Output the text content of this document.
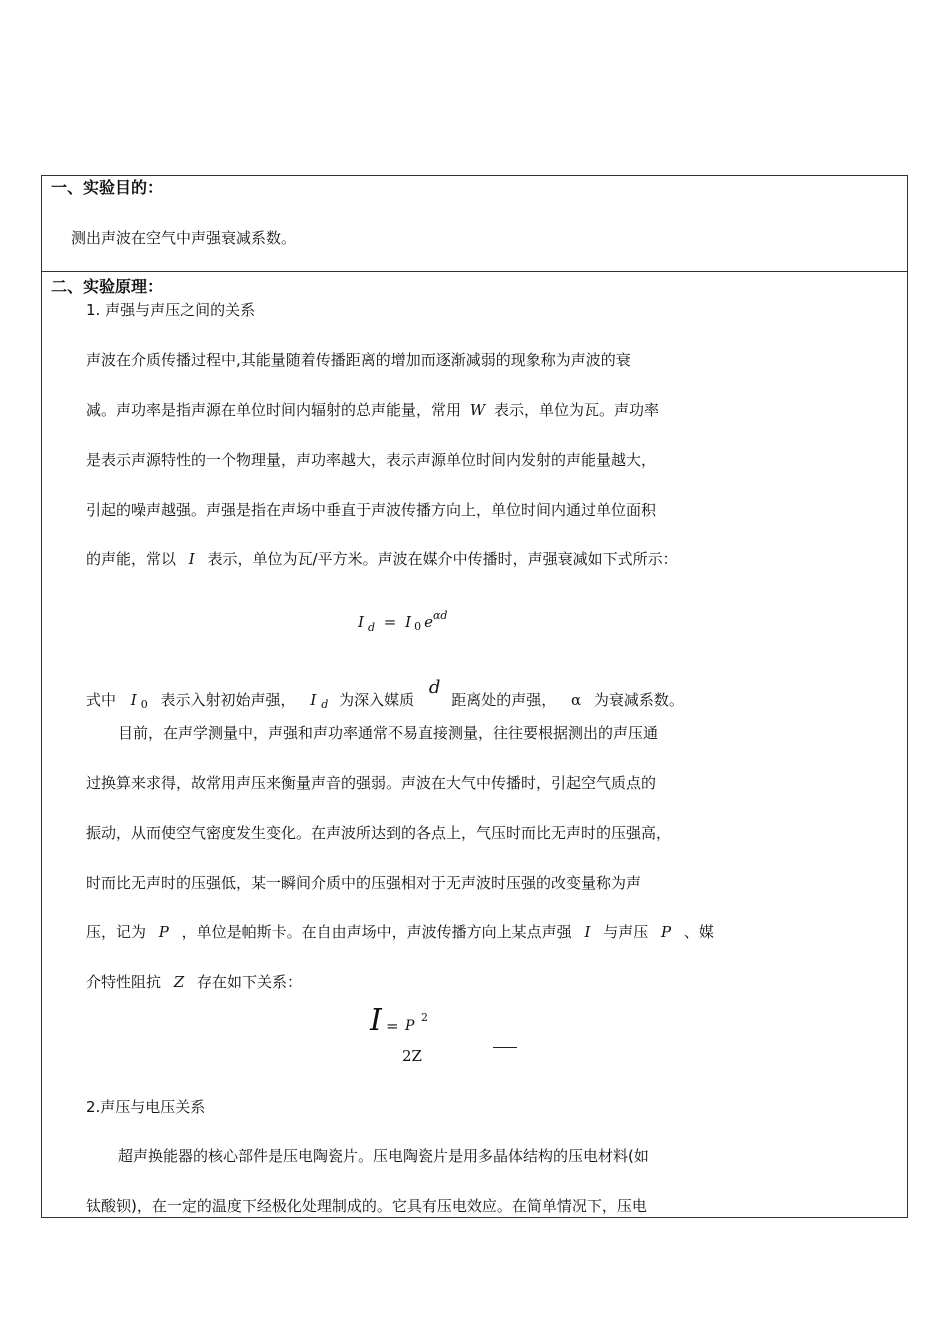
一、实验目的：
测出声波在空气中声强衰减系数。
二、实验原理：
1. 声强与声压之间的关系
声波在介质传播过程中,其能量随着传播距离的增加而逐渐减弱的现象称为声波的衰
减。声功率是指声源在单位时间内辐射的总声能量，常用 W 表示，单位为瓦。声功率
是表示声源特性的一个物理量，声功率越大，表示声源单位时间内发射的声能量越大，
引起的噪声越强。声强是指在声场中垂直于声波传播方向上，单位时间内通过单位面积
的声能，常以 I 表示，单位为瓦/平方米。声波在媒介中传播时，声强衰减如下式所示：
I $_d$ = I $_0$ $e^{\alpha d}$
式中 I $_0$ 表示入射初始声强， I $_d$ 为深入媒质 d 距离处的声强， α 为衰减系数。
目前，在声学测量中，声强和声功率通常不易直接测量，往往要根据测出的声压通
过换算来求得，故常用声压来衡量声音的强弱。声波在大气中传播时，引起空气质点的
振动，从而使空气密度发生变化。在声波所达到的各点上，气压时而比无声时的压强高，
时而比无声时的压强低，某一瞬间介质中的压强相对于无声波时压强的改变量称为声
压，记为 P ，单位是帕斯卡。在自由声场中，声波传播方向上某点声强 I 与声压 P 、媒
介特性阻抗 Z 存在如下关系：
I = P
2
2Z
2.声压与电压关系
超声换能器的核心部件是压电陶瓷片。压电陶瓷片是用多晶体结构的压电材料(如
钛酸钡)，在一定的温度下经极化处理制成的。它具有压电效应。在简单情况下，压电
